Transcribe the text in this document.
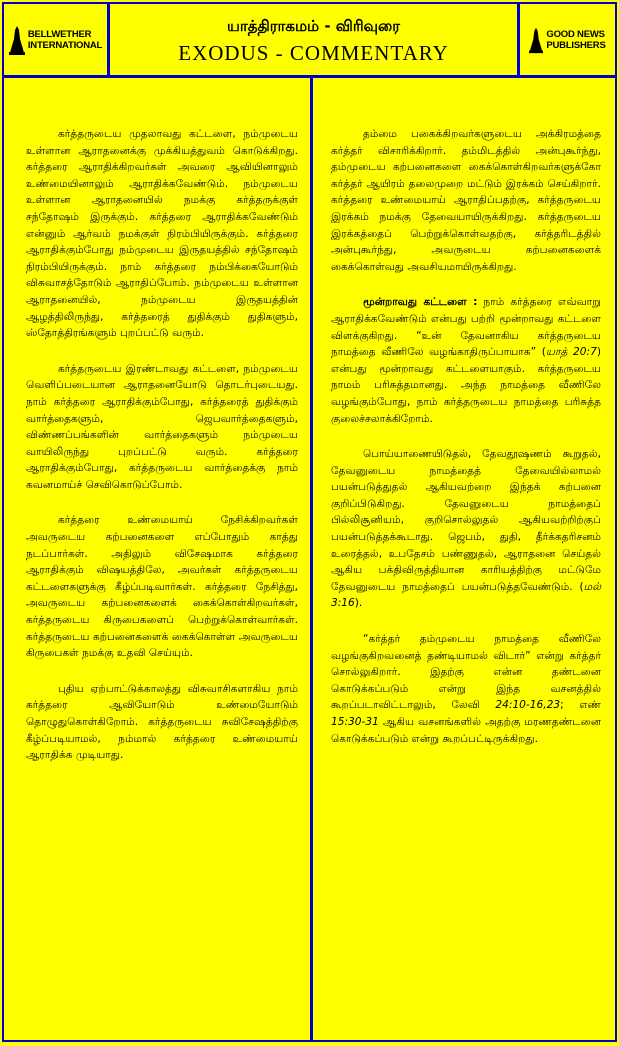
BELLWETHER
INTERNATIONAL
யாத்திராகமம் - விரிவுரை
EXODUS - COMMENTARY
GOOD NEWS
PUBLISHERS

கர்த்தருடைய முதலாவது கட்டளை, நம்முடைய உள்ளான ஆராதனைக்கு முக்கியத்துவம் கொடுக்கிறது. கர்த்தரை ஆராதிக்கிறவர்கள் அவரை ஆவியினாலும் உண்மையினாலும் ஆராதிக்கவேண்டும். நம்முடைய உள்ளான ஆராதனையில் நமக்கு கர்த்தருக்குள் சந்தோஷம் இருக்கும். கர்த்தரை ஆராதிக்கவேண்டும் என்னும் ஆர்வம் நமக்குள் நிரம்பியிருக்கும். கர்த்தரை ஆராதிக்கும்போது நம்முடைய இருதயத்தில் சந்தோஷம் நிரம்பியிருக்கும். நாம் கர்த்தரை நம்பிக்கையோடும் விசுவாசத்தோடும் ஆராதிப்போம். நம்முடைய உள்ளான ஆராதனையில், நம்முடைய இருதயத்தின் ஆழத்திலிருந்து, கர்த்தரைத் துதிக்கும் துதிகளும், ஸ்தோத்திரங்களும் புறப்பட்டு வரும்.

கர்த்தருடைய இரண்டாவது கட்டளை, நம்முடைய வெளிப்படையான ஆராதனையோடு தொடர்புடையது. நாம் கர்த்தரை ஆராதிக்கும்போது, கர்த்தரைத் துதிக்கும் வார்த்தைகளும், ஜெபவார்த்தைகளும், விண்ணப்பங்களின் வார்த்தைகளும் நம்முடைய வாயிலிருந்து புறப்பட்டு வரும். கர்த்தரை ஆராதிக்கும்போது, கர்த்தருடைய வார்த்தைக்கு நாம் கவனமாய்ச் செவிகொடுப்போம்.

கர்த்தரை உண்மையாய் நேசிக்கிறவர்கள் அவருடைய கற்பனைகளை எப்போதும் காத்து நடப்பார்கள். அதிலும் விசேஷமாக கர்த்தரை ஆராதிக்கும் விஷயத்திலே, அவர்கள் கர்த்தருடைய கட்டளைகளுக்கு கீழ்ப்படிவார்கள். கர்த்தரை நேசித்து, அவருடைய கற்பனைகளைக் கைக்கொள்கிறவர்கள், கர்த்தருடைய கிருபைகளைப் பெற்றுக்கொள்வார்கள். கர்த்தருடைய கற்பனைகளைக் கைக்கொள்ள அவருடைய கிருபைகள் நமக்கு உதவி செய்யும்.

புதிய ஏற்பாட்டுக்காலத்து விசுவாசிகளாகிய நாம் கர்த்தரை ஆவியோடும் உண்மையோடும் தொழுதுகொள்கிறோம். கர்த்தருடைய சுவிசேஷத்திற்கு கீழ்ப்படியாமல், நம்மால் கர்த்தரை உண்மையாய் ஆராதிக்க முடியாது.

தம்மை பகைக்கிறவர்களுடைய அக்கிரமத்தை கர்த்தர் விசாரிக்கிறார். தம்மிடத்தில் அன்புகூர்ந்து, தம்முடைய கற்பனைகளை கைக்கொள்கிறவர்களுக்கோ கர்த்தர் ஆயிரம் தலைமுறை மட்டும் இரக்கம் செய்கிறார். கர்த்தரை உண்மையாய் ஆராதிப்பதற்கு, கர்த்தருடைய இரக்கம் நமக்கு தேவையாயிருக்கிறது. கர்த்தருடைய இரக்கத்தைப் பெற்றுக்கொள்வதற்கு, கர்த்தரிடத்தில் அன்புகூர்ந்து, அவருடைய கற்பனைகளைக் கைக்கொள்வது அவசியமாயிருக்கிறது.

மூன்றாவது கட்டளை : நாம் கர்த்தரை எவ்வாறு ஆராதிக்கவேண்டும் என்பது பற்றி மூன்றாவது கட்டளை விளக்குகிறது. “உன் தேவனாகிய கர்த்தருடைய நாமத்தை வீணிலே வழங்காதிருப்பாயாக” (யாத் 20:7) என்பது மூன்றாவது கட்டளையாகும். கர்த்தருடைய நாமம் பரிசுத்தமானது. அந்த நாமத்தை வீணிலே வழங்கும்போது, நாம் கர்த்தருடைய நாமத்தை பரிசுத்த குலைச்சலாக்கிறோம்.

பொய்யாணையிடுதல், தேவதூஷணம் கூறுதல், தேவனுடைய நாமத்தைத் தேவையில்லாமல் பயன்படுத்துதல் ஆகியவற்றை இந்தக் கற்பனை குறிப்பிடுகிறது. தேவனுடைய நாமத்தைப் பில்லிசூனியம், குறிசொல்லுதல் ஆகியவற்றிற்குப் பயன்படுத்தக்கூடாது. ஜெபம், துதி, தீர்க்கதரிசனம் உரைத்தல், உபதேசம் பண்ணுதல், ஆராதனை செய்தல் ஆகிய பக்திவிருத்தியான காரியத்திற்கு மட்டுமே தேவனுடைய நாமத்தைப் பயன்படுத்தவேண்டும். (மல் 3:16).

“கர்த்தர் தம்முடைய நாமத்தை வீணிலே வழங்குகிறவனைத் தண்டியாமல் விடார்” என்று கர்த்தர் சொல்லுகிறார். இதற்கு என்ன தண்டனை கொடுக்கப்படும் என்று இந்த வசனத்தில் கூறப்படாவிட்டாலும், லேவி 24:10-16,23; எண் 15:30-31 ஆகிய வசனங்களில் அதற்கு மரணதண்டனை கொடுக்கப்படும் என்று கூறப்பட்டிருக்கிறது.
